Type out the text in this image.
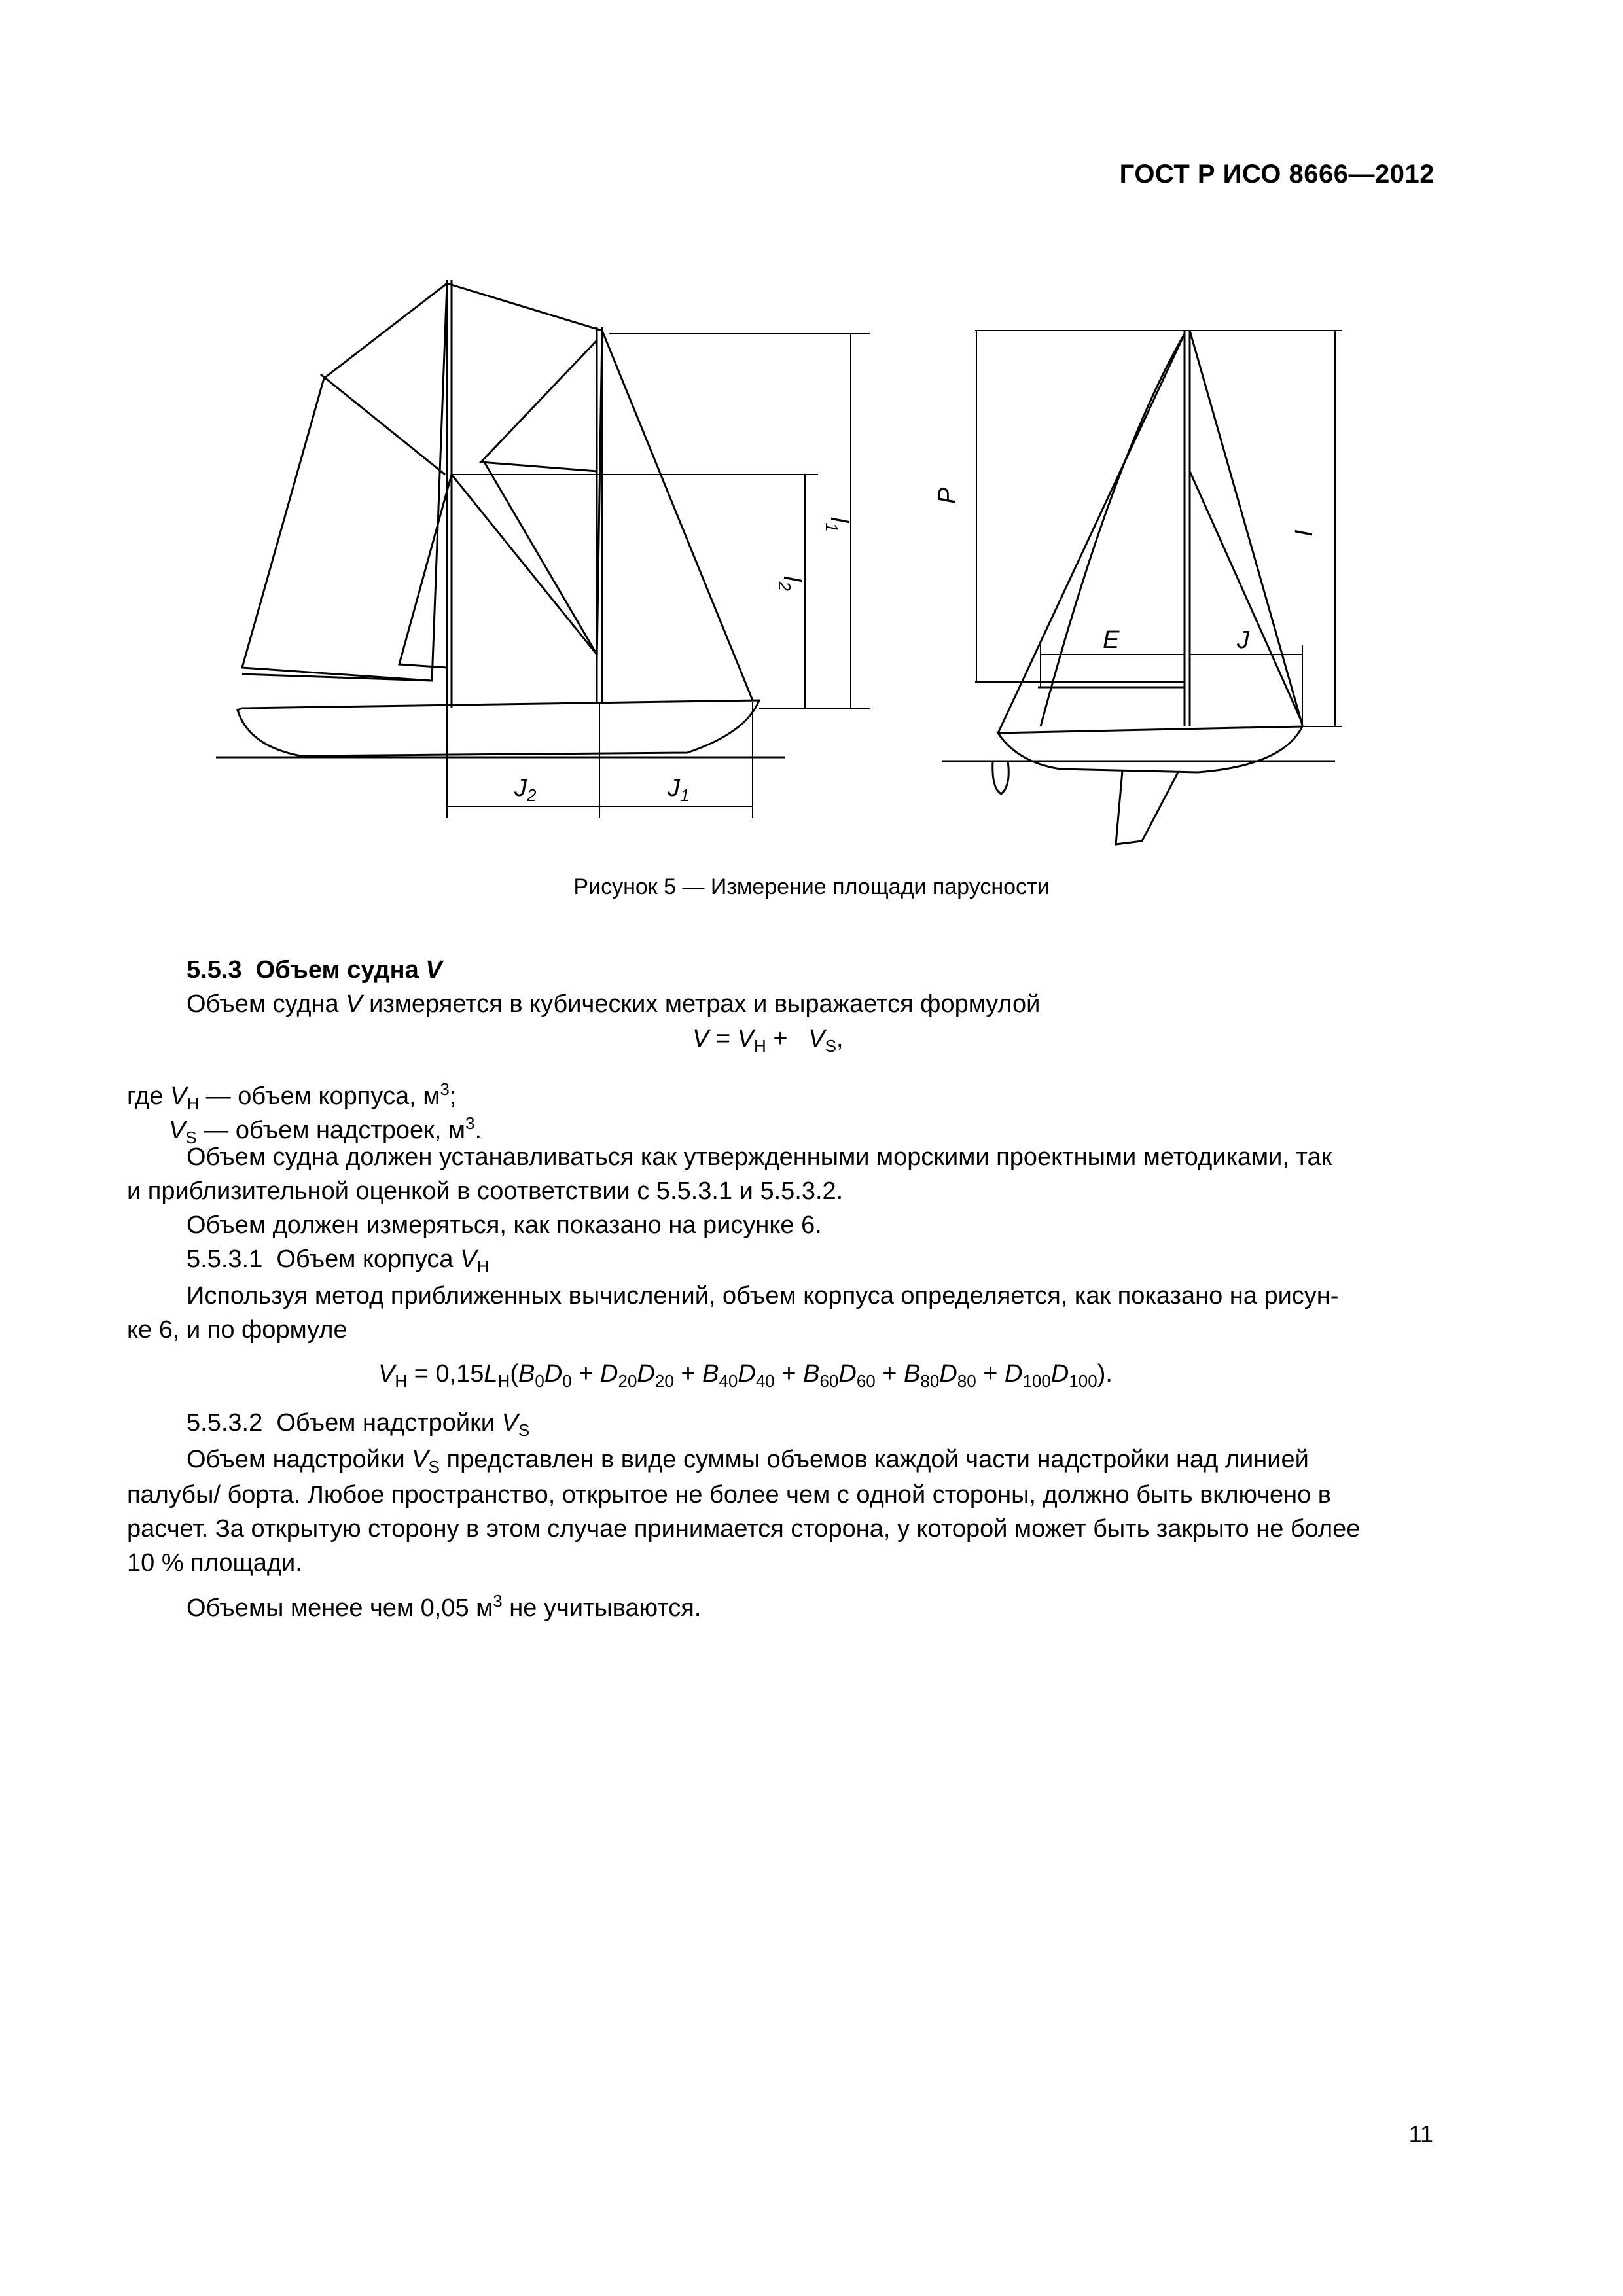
ГОСТ Р ИСО 8666—2012
$l_1$
$l_2$
$J_2$	$J_1$
P
I
E	J
Рисунок 5 — Измерение площади парусности
5.5.3 Объем судна V
Объем судна V измеряется в кубических метрах и выражается формулой
$V = V_H + V_S$,
где $V_H$ — объем корпуса, $м^3$;
$V_S$ — объем надстроек, $м^3$.
Объем судна должен устанавливаться как утвержденными морскими проектными методиками, так
и приблизительной оценкой в соответствии с 5.5.3.1 и 5.5.3.2.
Объем должен измеряться, как показано на рисунке 6.
5.5.3.1  Объем корпуса $V_H$
Используя метод приближенных вычислений, объем корпуса определяется, как показано на рисун-
ке 6, и по формуле
$V_H = 0,15L_H(B_0D_0 + D_{20}D_{20} + B_{40}D_{40} + B_{60}D_{60} + B_{80}D_{80} + D_{100}D_{100})$.
5.5.3.2  Объем надстройки $V_S$
Объем надстройки $V_S$ представлен в виде суммы объемов каждой части надстройки над линией
палубы/ борта. Любое пространство, открытое не более чем с одной стороны, должно быть включено в
расчет. За открытую сторону в этом случае принимается сторона, у которой может быть закрыто не более
10 % площади.
Объемы менее чем 0,05 $м^3$ не учитываются.
11
